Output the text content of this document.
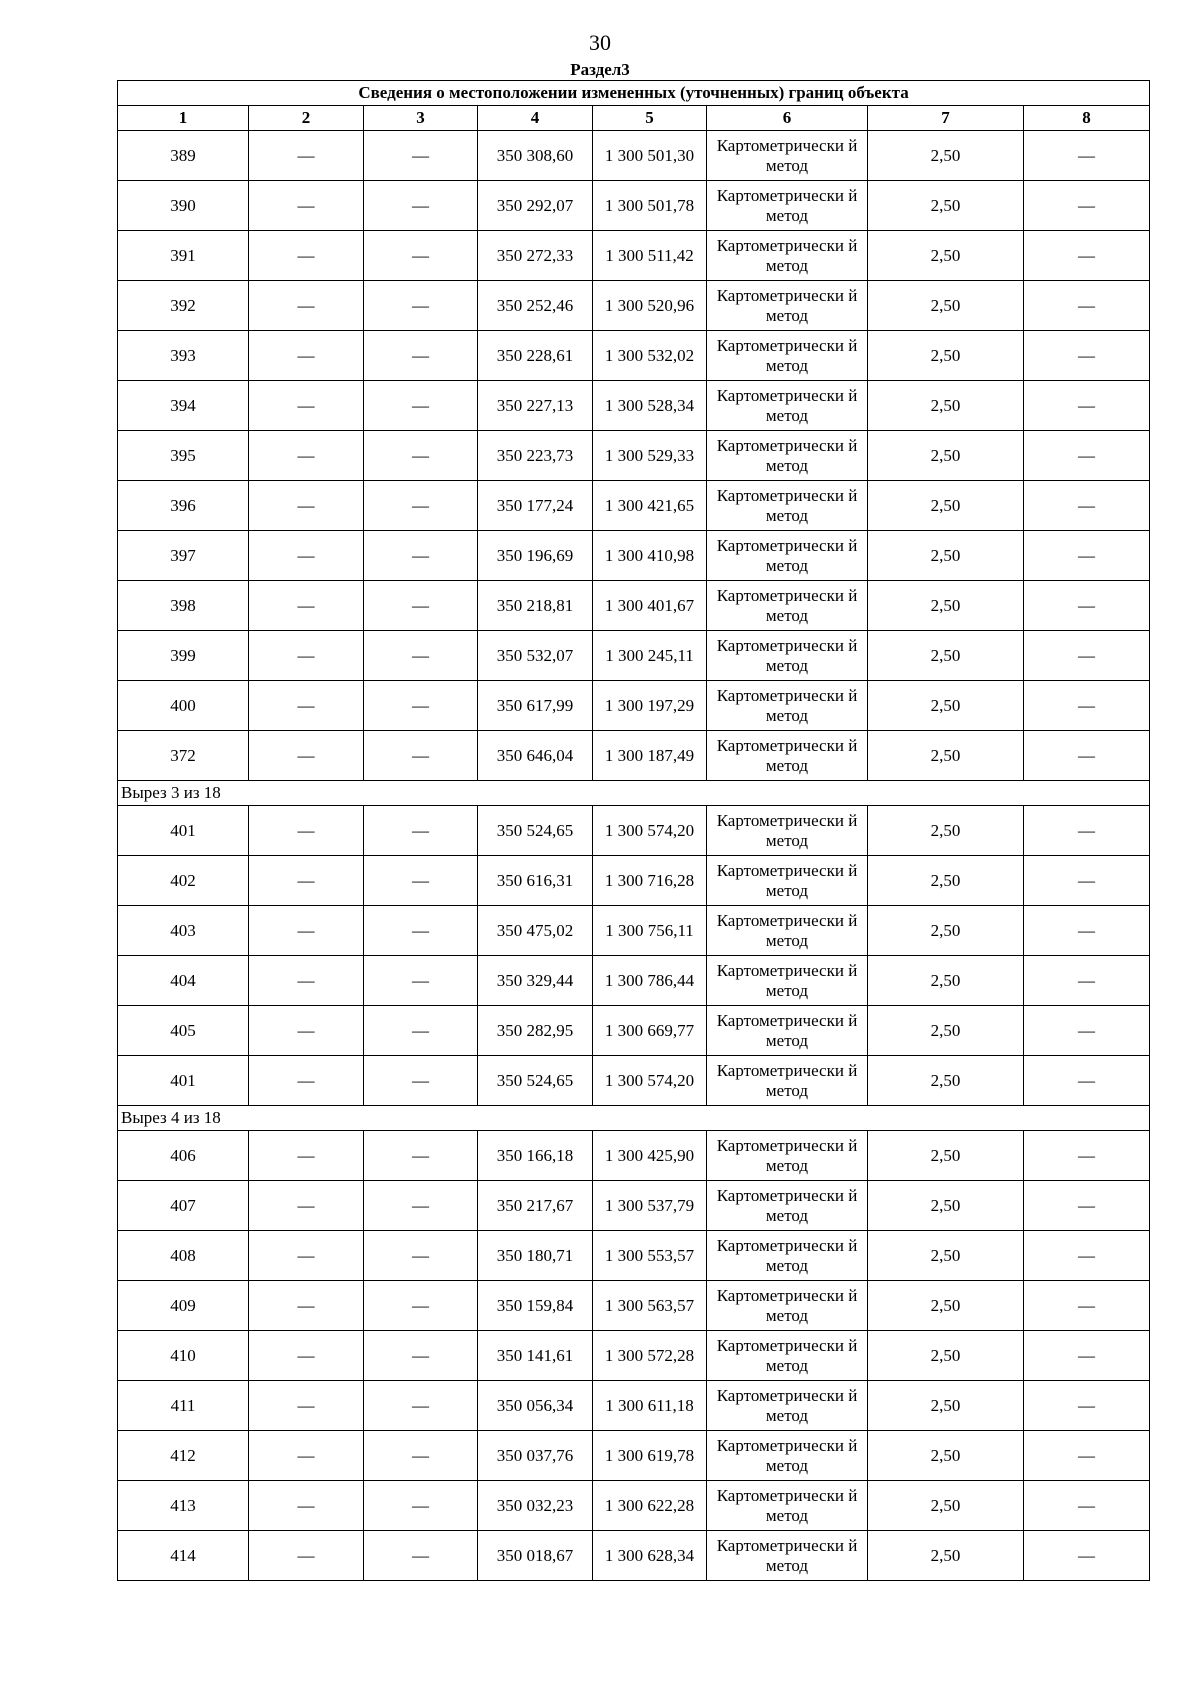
30
Раздел3
Сведения о местоположении измененных (уточненных) границ объекта							
1	2	3	4	5	6	7	8
389	—	—	350 308,60	1 300 501,30	Картометрически й метод	2,50	—
390	—	—	350 292,07	1 300 501,78	Картометрически й метод	2,50	—
391	—	—	350 272,33	1 300 511,42	Картометрически й метод	2,50	—
392	—	—	350 252,46	1 300 520,96	Картометрически й метод	2,50	—
393	—	—	350 228,61	1 300 532,02	Картометрически й метод	2,50	—
394	—	—	350 227,13	1 300 528,34	Картометрически й метод	2,50	—
395	—	—	350 223,73	1 300 529,33	Картометрически й метод	2,50	—
396	—	—	350 177,24	1 300 421,65	Картометрически й метод	2,50	—
397	—	—	350 196,69	1 300 410,98	Картометрически й метод	2,50	—
398	—	—	350 218,81	1 300 401,67	Картометрически й метод	2,50	—
399	—	—	350 532,07	1 300 245,11	Картометрически й метод	2,50	—
400	—	—	350 617,99	1 300 197,29	Картометрически й метод	2,50	—
372	—	—	350 646,04	1 300 187,49	Картометрически й метод	2,50	—
Вырез 3 из 18							
401	—	—	350 524,65	1 300 574,20	Картометрически й метод	2,50	—
402	—	—	350 616,31	1 300 716,28	Картометрически й метод	2,50	—
403	—	—	350 475,02	1 300 756,11	Картометрически й метод	2,50	—
404	—	—	350 329,44	1 300 786,44	Картометрически й метод	2,50	—
405	—	—	350 282,95	1 300 669,77	Картометрически й метод	2,50	—
401	—	—	350 524,65	1 300 574,20	Картометрически й метод	2,50	—
Вырез 4 из 18							
406	—	—	350 166,18	1 300 425,90	Картометрически й метод	2,50	—
407	—	—	350 217,67	1 300 537,79	Картометрически й метод	2,50	—
408	—	—	350 180,71	1 300 553,57	Картометрически й метод	2,50	—
409	—	—	350 159,84	1 300 563,57	Картометрически й метод	2,50	—
410	—	—	350 141,61	1 300 572,28	Картометрически й метод	2,50	—
411	—	—	350 056,34	1 300 611,18	Картометрически й метод	2,50	—
412	—	—	350 037,76	1 300 619,78	Картометрически й метод	2,50	—
413	—	—	350 032,23	1 300 622,28	Картометрически й метод	2,50	—
414	—	—	350 018,67	1 300 628,34	Картометрически й метод	2,50	—
